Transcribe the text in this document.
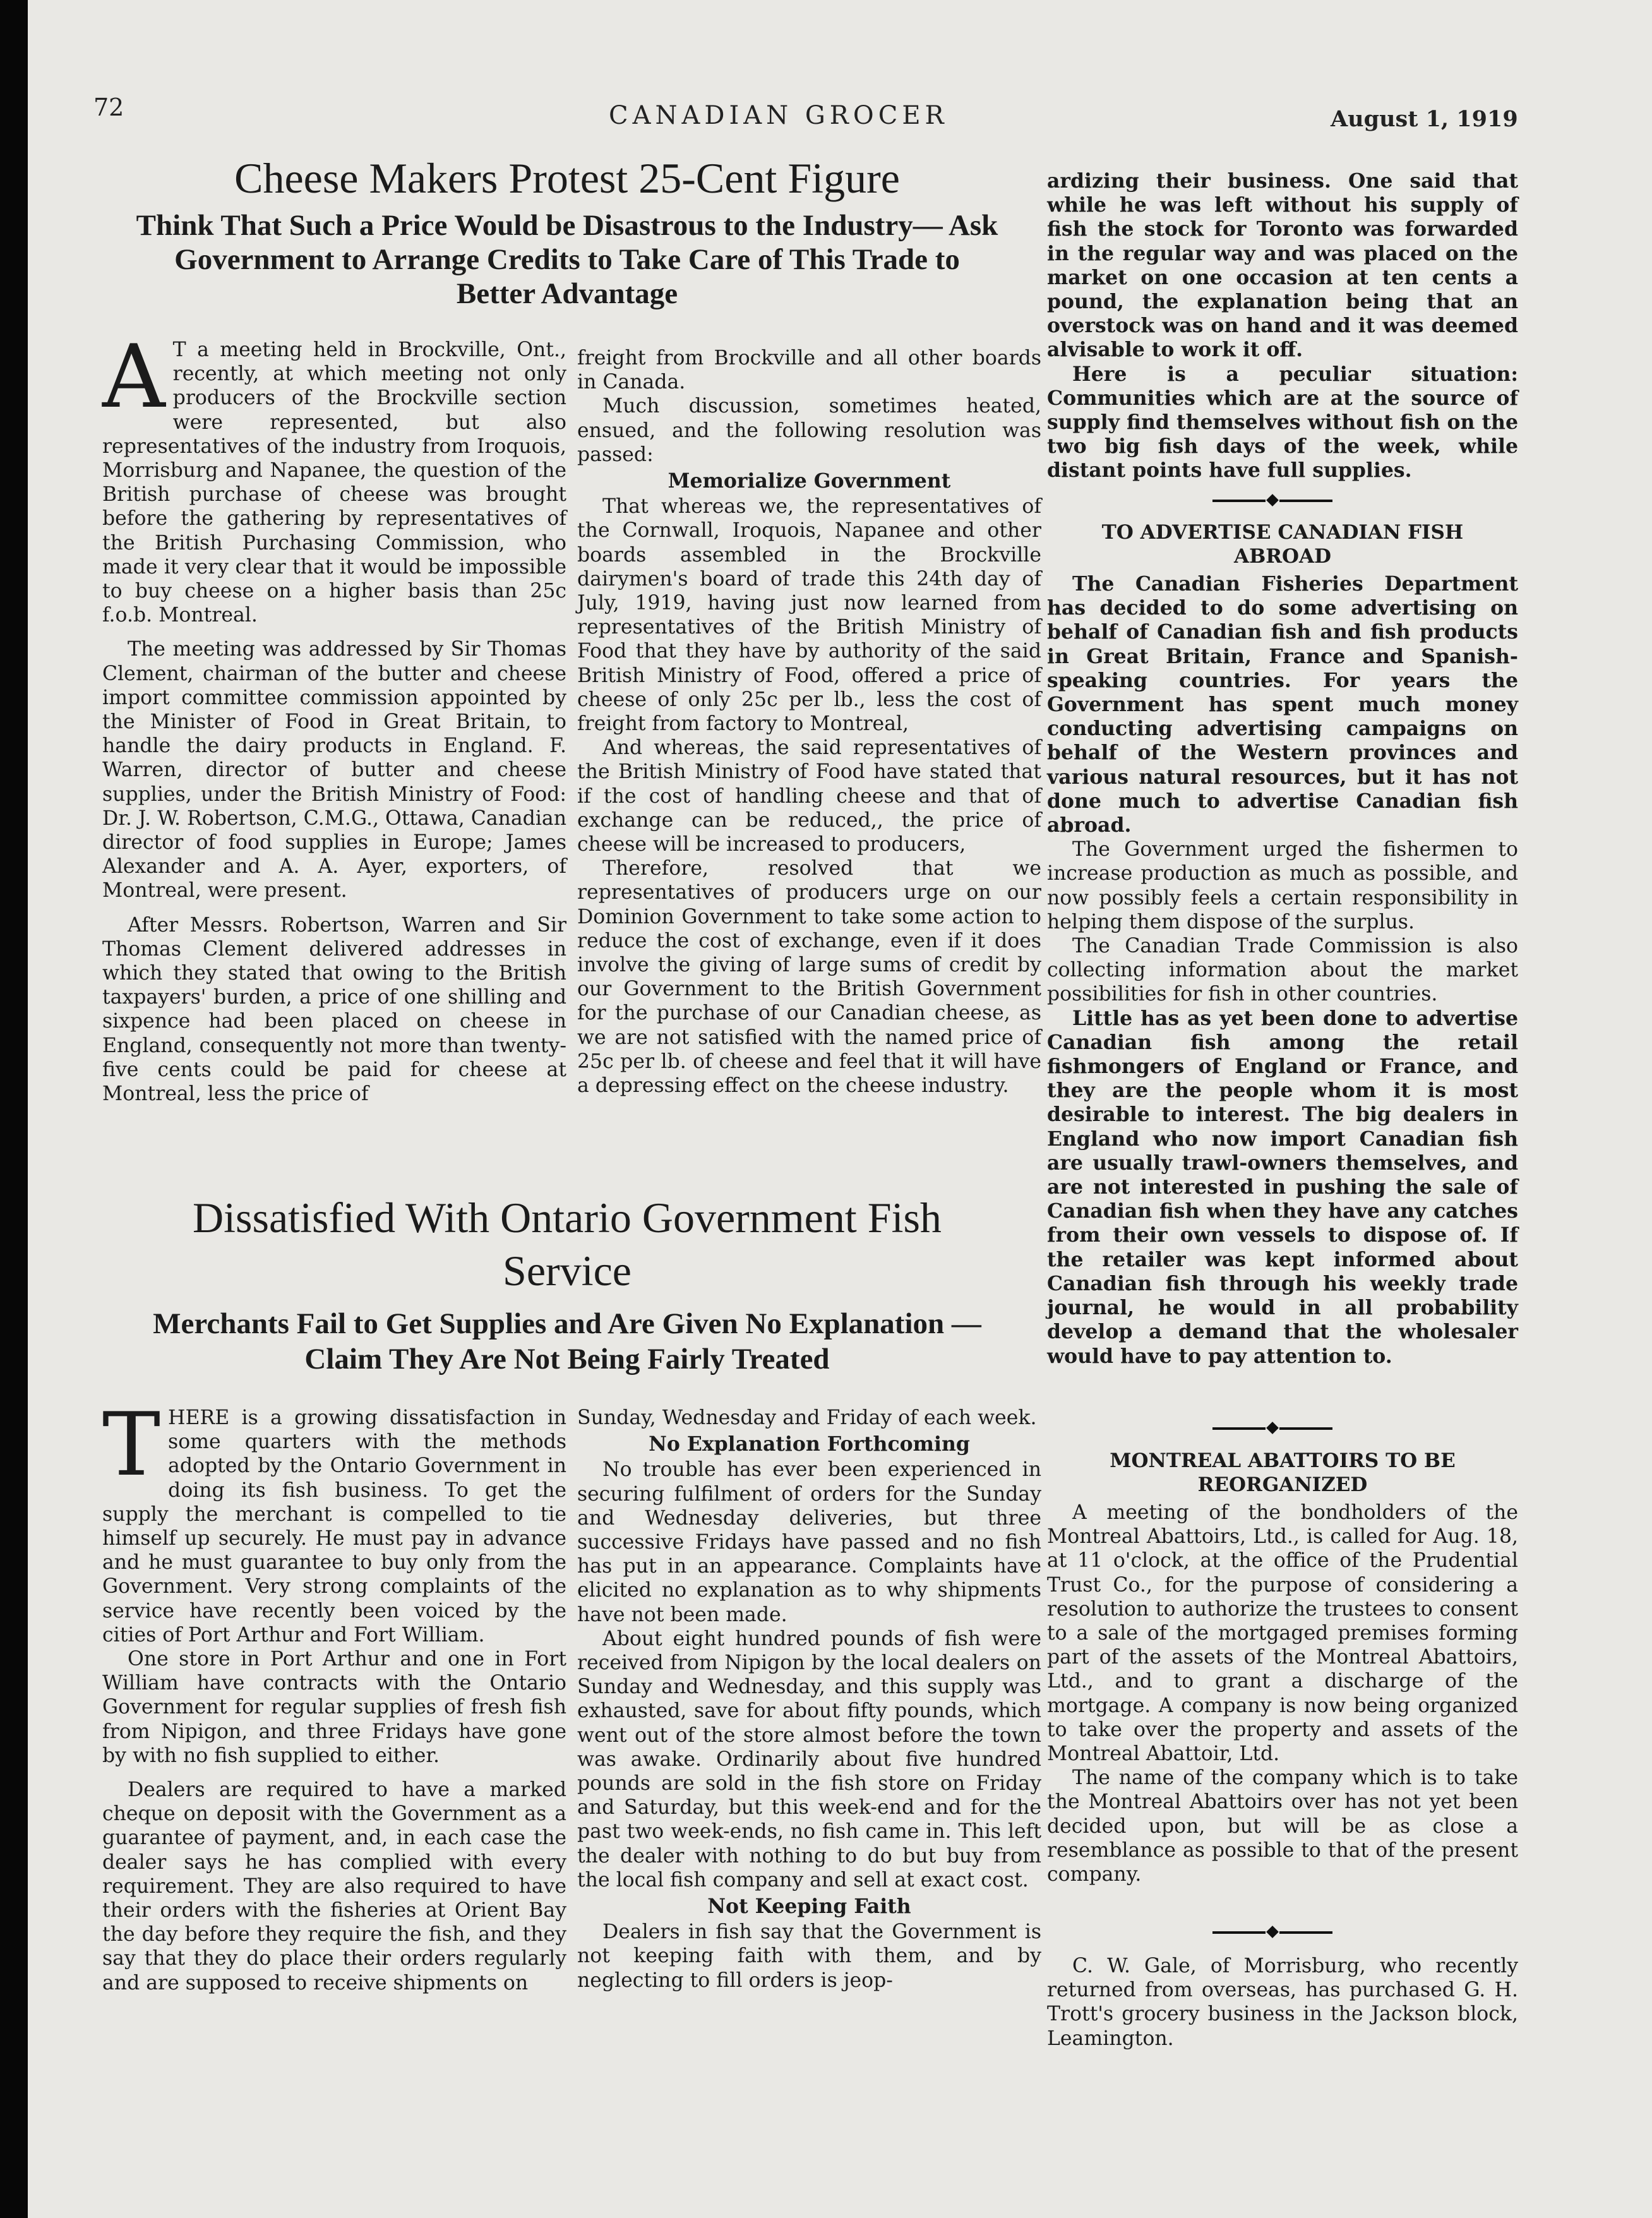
72	CANADIAN GROCER	August 1, 1919
Cheese Makers Protest 25-Cent Figure
Think That Such a Price Would be Disastrous to the Industry— Ask Government to Arrange Credits to Take Care of This Trade to Better Advantage

A T a meeting held in Brockville, Ont., recently, at which meeting not only producers of the Brockville section were represented, but also representatives of the industry from Iroquois, Morrisburg and Napanee, the question of the British purchase of cheese was brought before the gathering by representatives of the British Purchasing Commission, who made it very clear that it would be impossible to buy cheese on a higher basis than 25c f.o.b. Montreal.

The meeting was addressed by Sir Thomas Clement, chairman of the butter and cheese import committee commission appointed by the Minister of Food in Great Britain, to handle the dairy products in England. F. Warren, director of butter and cheese supplies, under the British Ministry of Food: Dr. J. W. Robertson, C.M.G., Ottawa, Canadian director of food supplies in Europe; James Alexander and A. A. Ayer, exporters, of Montreal, were present.

After Messrs. Robertson, Warren and Sir Thomas Clement delivered addresses in which they stated that owing to the British taxpayers' burden, a price of one shilling and sixpence had been placed on cheese in England, consequently not more than twenty-five cents could be paid for cheese at Montreal, less the price of

freight from Brockville and all other boards in Canada.

Much discussion, sometimes heated, ensued, and the following resolution was passed:

Memorialize Government

That whereas we, the representatives of the Cornwall, Iroquois, Napanee and other boards assembled in the Brockville dairymen's board of trade this 24th day of July, 1919, having just now learned from representatives of the British Ministry of Food that they have by authority of the said British Ministry of Food, offered a price of cheese of only 25c per lb., less the cost of freight from factory to Montreal,

And whereas, the said representatives of the British Ministry of Food have stated that if the cost of handling cheese and that of exchange can be reduced,, the price of cheese will be increased to producers,

Therefore, resolved that we representatives of producers urge on our Dominion Government to take some action to reduce the cost of exchange, even if it does involve the giving of large sums of credit by our Government to the British Government for the purchase of our Canadian cheese, as we are not satisfied with the named price of 25c per lb. of cheese and feel that it will have a depressing effect on the cheese industry.

Dissatisfied With Ontario Government Fish Service
Merchants Fail to Get Supplies and Are Given No Explanation —Claim They Are Not Being Fairly Treated

THERE is a growing dissatisfaction in some quarters with the methods adopted by the Ontario Government in doing its fish business. To get the supply the merchant is compelled to tie himself up securely. He must pay in advance and he must guarantee to buy only from the Government. Very strong complaints of the service have recently been voiced by the cities of Port Arthur and Fort William.

One store in Port Arthur and one in Fort William have contracts with the Ontario Government for regular supplies of fresh fish from Nipigon, and three Fridays have gone by with no fish supplied to either.

Dealers are required to have a marked cheque on deposit with the Government as a guarantee of payment, and, in each case the dealer says he has complied with every requirement. They are also required to have their orders with the fisheries at Orient Bay the day before they require the fish, and they say that they do place their orders regularly and are supposed to receive shipments on

Sunday, Wednesday and Friday of each week.

No Explanation Forthcoming

No trouble has ever been experienced in securing fulfilment of orders for the Sunday and Wednesday deliveries, but three successive Fridays have passed and no fish has put in an appearance. Complaints have elicited no explanation as to why shipments have not been made.

About eight hundred pounds of fish were received from Nipigon by the local dealers on Sunday and Wednesday, and this supply was exhausted, save for about fifty pounds, which went out of the store almost before the town was awake. Ordinarily about five hundred pounds are sold in the fish store on Friday and Saturday, but this week-end and for the past two week-ends, no fish came in. This left the dealer with nothing to do but buy from the local fish company and sell at exact cost.

Not Keeping Faith

Dealers in fish say that the Government is not keeping faith with them, and by neglecting to fill orders is jeop-

ardizing their business. One said that while he was left without his supply of fish the stock for Toronto was forwarded in the regular way and was placed on the market on one occasion at ten cents a pound, the explanation being that an overstock was on hand and it was deemed alvisable to work it off.

Here is a peculiar situation: Communities which are at the source of supply find themselves without fish on the two big fish days of the week, while distant points have full supplies.

TO ADVERTISE CANADIAN FISH ABROAD

The Canadian Fisheries Department has decided to do some advertising on behalf of Canadian fish and fish products in Great Britain, France and Spanish-speaking countries. For years the Government has spent much money conducting advertising campaigns on behalf of the Western provinces and various natural resources, but it has not done much to advertise Canadian fish abroad.

The Government urged the fishermen to increase production as much as possible, and now possibly feels a certain responsibility in helping them dispose of the surplus.

The Canadian Trade Commission is also collecting information about the market possibilities for fish in other countries.

Little has as yet been done to advertise Canadian fish among the retail fishmongers of England or France, and they are the people whom it is most desirable to interest. The big dealers in England who now import Canadian fish are usually trawl-owners themselves, and are not interested in pushing the sale of Canadian fish when they have any catches from their own vessels to dispose of. If the retailer was kept informed about Canadian fish through his weekly trade journal, he would in all probability develop a demand that the wholesaler would have to pay attention to.

MONTREAL ABATTOIRS TO BE REORGANIZED

A meeting of the bondholders of the Montreal Abattoirs, Ltd., is called for Aug. 18, at 11 o'clock, at the office of the Prudential Trust Co., for the purpose of considering a resolution to authorize the trustees to consent to a sale of the mortgaged premises forming part of the assets of the Montreal Abattoirs, Ltd., and to grant a discharge of the mortgage. A company is now being organized to take over the property and assets of the Montreal Abattoir, Ltd.

The name of the company which is to take the Montreal Abattoirs over has not yet been decided upon, but will be as close a resemblance as possible to that of the present company.

C. W. Gale, of Morrisburg, who recently returned from overseas, has purchased G. H. Trott's grocery business in the Jackson block, Leamington.
